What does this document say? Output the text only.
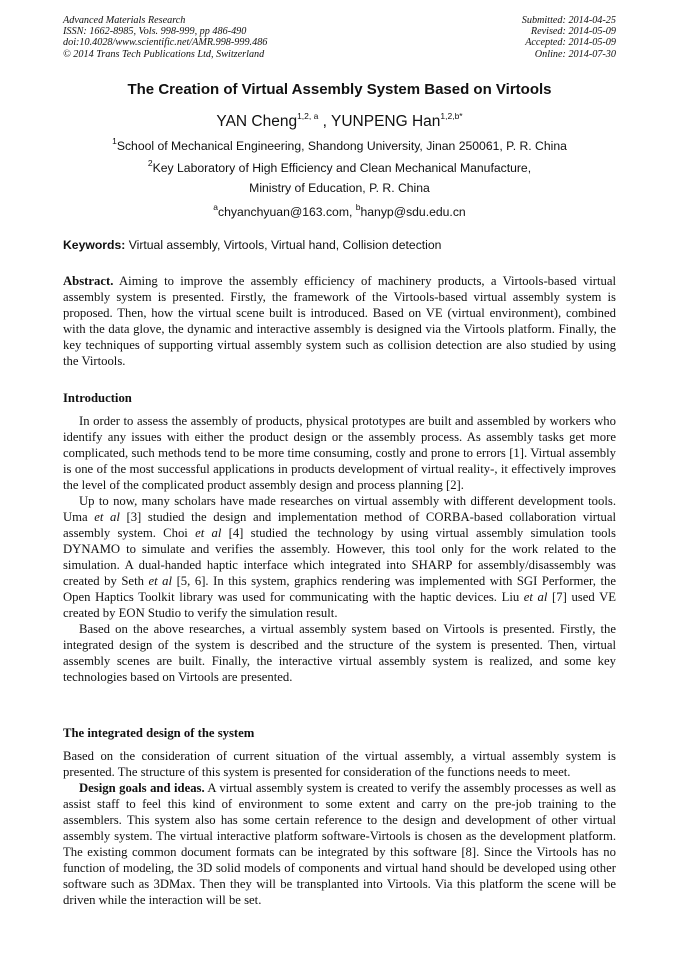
Advanced Materials Research
ISSN: 1662-8985, Vols. 998-999, pp 486-490
doi:10.4028/www.scientific.net/AMR.998-999.486
© 2014 Trans Tech Publications Ltd, Switzerland
Submitted: 2014-04-25
Revised: 2014-05-09
Accepted: 2014-05-09
Online: 2014-07-30
The Creation of Virtual Assembly System Based on Virtools
YAN Cheng$^{1,2, a}$ , YUNPENG Han$^{1,2,b*}$
$^1$School of Mechanical Engineering, Shandong University, Jinan 250061, P. R. China
$^2$Key Laboratory of High Efficiency and Clean Mechanical Manufacture,
Ministry of Education, P. R. China
$^a$chyanchyuan@163.com, $^b$hanyp@sdu.edu.cn
Keywords: Virtual assembly, Virtools, Virtual hand, Collision detection

Abstract. Aiming to improve the assembly efficiency of machinery products, a Virtools-based virtual assembly system is presented. Firstly, the framework of the Virtools-based virtual assembly system is proposed. Then, how the virtual scene built is introduced. Based on VE (virtual environment), combined with the data glove, the dynamic and interactive assembly is designed via the Virtools platform. Finally, the key techniques of supporting virtual assembly system such as collision detection are also studied by using the Virtools.

Introduction

In order to assess the assembly of products, physical prototypes are built and assembled by workers who identify any issues with either the product design or the assembly process. As assembly tasks get more complicated, such methods tend to be more time consuming, costly and prone to errors [1]. Virtual assembly is one of the most successful applications in products development of virtual reality-, it effectively improves the level of the complicated product assembly design and process planning [2].

Up to now, many scholars have made researches on virtual assembly with different development tools. Uma et al [3] studied the design and implementation method of CORBA-based collaboration virtual assembly system. Choi et al [4] studied the technology by using virtual assembly simulation tools DYNAMO to simulate and verifies the assembly. However, this tool only for the work related to the simulation. A dual-handed haptic interface which integrated into SHARP for assembly/disassembly was created by Seth et al [5, 6]. In this system, graphics rendering was implemented with SGI Performer, the Open Haptics Toolkit library was used for communicating with the haptic devices. Liu et al [7] used VE created by EON Studio to verify the simulation result.

Based on the above researches, a virtual assembly system based on Virtools is presented. Firstly, the integrated design of the system is described and the structure of the system is presented. Then, virtual assembly scenes are built. Finally, the interactive virtual assembly system is realized, and some key technologies based on Virtools are presented.

The integrated design of the system

Based on the consideration of current situation of the virtual assembly, a virtual assembly system is presented. The structure of this system is presented for consideration of the functions needs to meet.

Design goals and ideas. A virtual assembly system is created to verify the assembly processes as well as assist staff to feel this kind of environment to some extent and carry on the pre-job training to the assemblers. This system also has some certain reference to the design and development of other virtual assembly system. The virtual interactive platform software-Virtools is chosen as the development platform. The existing common document formats can be integrated by this software [8]. Since the Virtools has no function of modeling, the 3D solid models of components and virtual hand should be developed using other software such as 3DMax. Then they will be transplanted into Virtools. Via this platform the scene will be driven while the interaction will be set.
